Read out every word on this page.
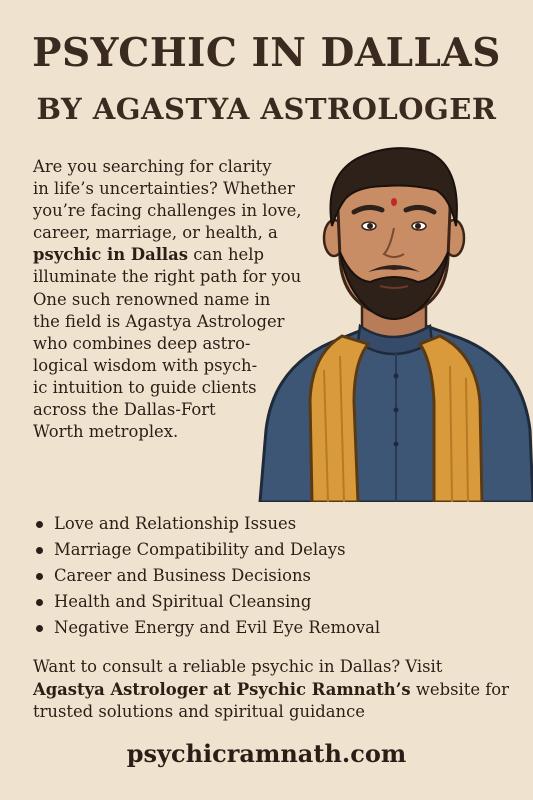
PSYCHIC IN DALLAS
BY AGASTYA ASTROLOGER

Are you searching for clarity
in life’s uncertainties? Whether
you’re facing challenges in love,
career, marriage, or health, a
psychic in Dallas can help
illuminate the right path for you
One such renowned name in
the field is Agastya Astrologer
who combines deep astro-
logical wisdom with psych-
ic intuition to guide clients
across the Dallas-Fort
Worth metroplex.

Love and Relationship Issues
Marriage Compatibility and Delays
Career and Business Decisions
Health and Spiritual Cleansing
Negative Energy and Evil Eye Removal
Want to consult a reliable psychic in Dallas? Visit
Agastya Astrologer at Psychic Ramnath’s website for
trusted solutions and spiritual guidance
psychicramnath.com
